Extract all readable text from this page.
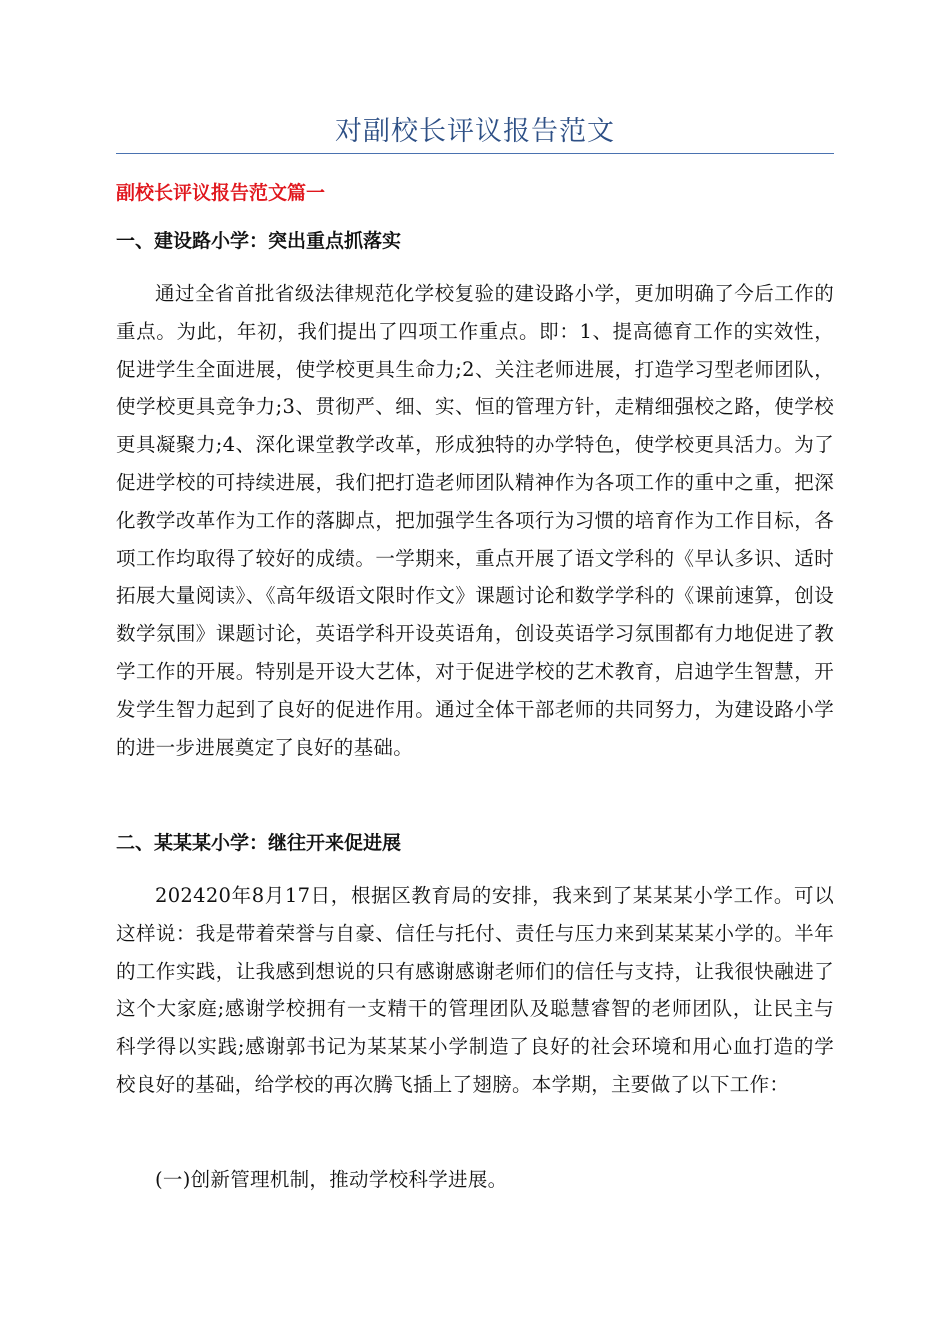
对副校长评议报告范文
副校长评议报告范文篇一
一、建设路小学：突出重点抓落实

通过全省首批省级法律规范化学校复验的建设路小学，更加明确了今后工作的重点。为此，年初，我们提出了四项工作重点。即：1、提高德育工作的实效性，促进学生全面进展，使学校更具生命力;2、关注老师进展，打造学习型老师团队，使学校更具竞争力;3、贯彻严、细、实、恒的管理方针，走精细强校之路，使学校更具凝聚力;4、深化课堂教学改革，形成独特的办学特色，使学校更具活力。为了促进学校的可持续进展，我们把打造老师团队精神作为各项工作的重中之重，把深化教学改革作为工作的落脚点，把加强学生各项行为习惯的培育作为工作目标，各项工作均取得了较好的成绩。一学期来，重点开展了语文学科的《早认多识、适时拓展大量阅读》、《高年级语文限时作文》课题讨论和数学学科的《课前速算，创设数学氛围》课题讨论，英语学科开设英语角，创设英语学习氛围都有力地促进了教学工作的开展。特别是开设大艺体，对于促进学校的艺术教育，启迪学生智慧，开发学生智力起到了良好的促进作用。通过全体干部老师的共同努力，为建设路小学的进一步进展奠定了良好的基础。

二、某某某小学：继往开来促进展

202420年8月17日，根据区教育局的安排，我来到了某某某小学工作。可以这样说：我是带着荣誉与自豪、信任与托付、责任与压力来到某某某小学的。半年的工作实践，让我感到想说的只有感谢感谢老师们的信任与支持，让我很快融进了这个大家庭;感谢学校拥有一支精干的管理团队及聪慧睿智的老师团队，让民主与科学得以实践;感谢郭书记为某某某小学制造了良好的社会环境和用心血打造的学校良好的基础，给学校的再次腾飞插上了翅膀。本学期，主要做了以下工作：

(一)创新管理机制，推动学校科学进展。
